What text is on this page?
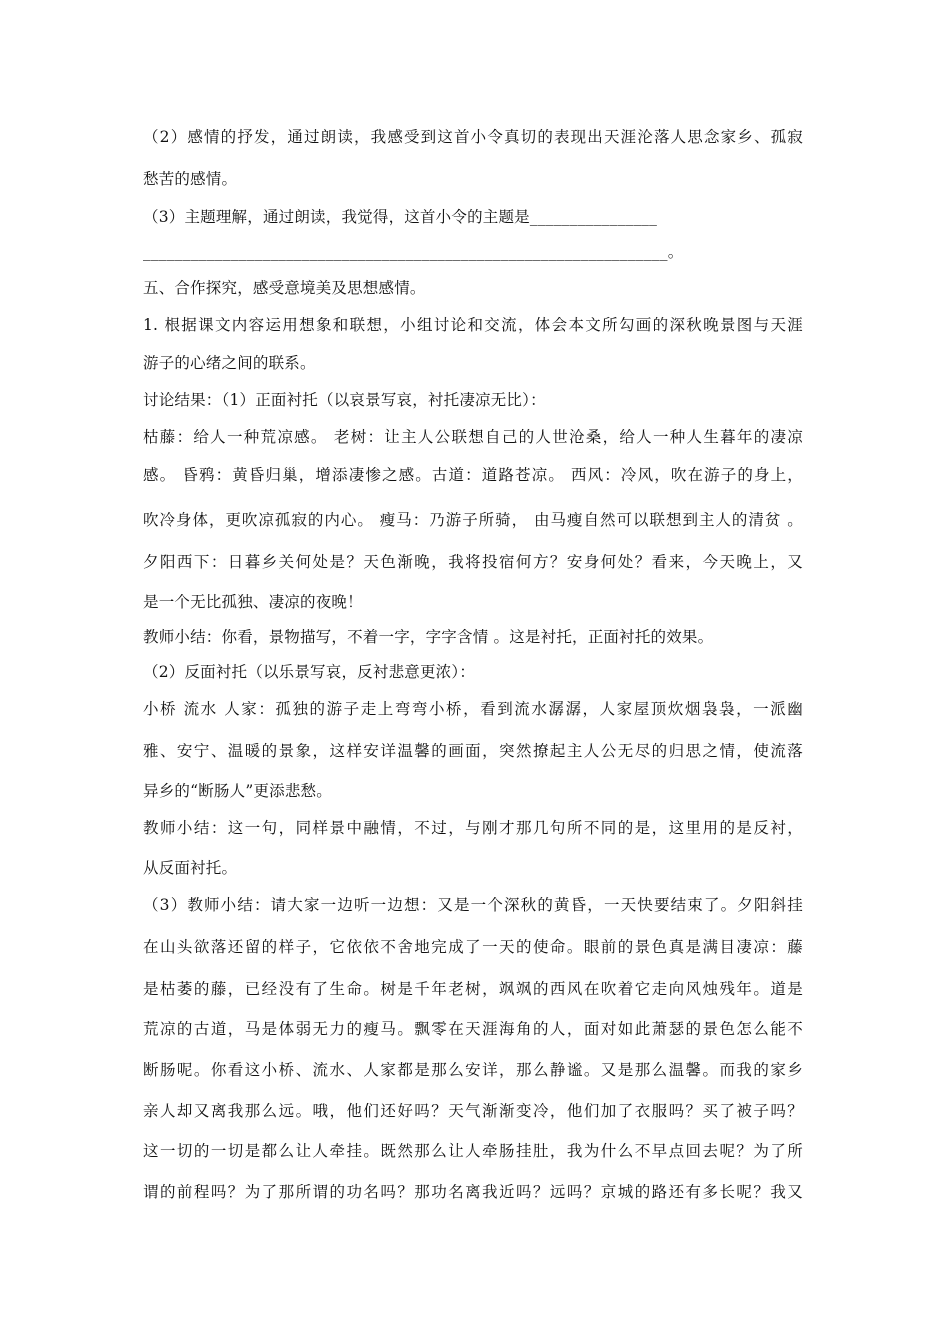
（2）感情的抒发，通过朗读，我感受到这首小令真切的表现出天涯沦落人思念家乡、孤寂
愁苦的感情。
（3）主题理解，通过朗读，我觉得，这首小令的主题是________________
__________________________________________________________________。
五、合作探究，感受意境美及思想感情。
1. 根据课文内容运用想象和联想，小组讨论和交流，体会本文所勾画的深秋晚景图与天涯
游子的心绪之间的联系。
讨论结果：（1）正面衬托（以哀景写哀，衬托凄凉无比）：
枯藤：给人一种荒凉感。 老树：让主人公联想自己的人世沧桑，给人一种人生暮年的凄凉
感。 昏鸦：黄昏归巢，增添凄惨之感。古道：道路苍凉。 西风：冷风，吹在游子的身上，
吹冷身体，更吹凉孤寂的内心。 瘦马：乃游子所骑， 由马瘦自然可以联想到主人的清贫 。
夕阳西下：日暮乡关何处是？天色渐晚，我将投宿何方？安身何处？看来，今天晚上，又
是一个无比孤独、凄凉的夜晚！
教师小结：你看，景物描写，不着一字，字字含情 。这是衬托，正面衬托的效果。
（2）反面衬托（以乐景写哀，反衬悲意更浓）：
小桥 流水 人家：孤独的游子走上弯弯小桥，看到流水潺潺，人家屋顶炊烟袅袅，一派幽
雅、安宁、温暖的景象，这样安详温馨的画面，突然撩起主人公无尽的归思之情，使流落
异乡的“断肠人”更添悲愁。
教师小结：这一句，同样景中融情，不过，与刚才那几句所不同的是，这里用的是反衬，
从反面衬托。
（3）教师小结：请大家一边听一边想：又是一个深秋的黄昏，一天快要结束了。夕阳斜挂
在山头欲落还留的样子，它依依不舍地完成了一天的使命。眼前的景色真是满目凄凉：藤
是枯萎的藤，已经没有了生命。树是千年老树，飒飒的西风在吹着它走向风烛残年。道是
荒凉的古道，马是体弱无力的瘦马。飘零在天涯海角的人，面对如此萧瑟的景色怎么能不
断肠呢。你看这小桥、流水、人家都是那么安详，那么静谧。又是那么温馨。而我的家乡
亲人却又离我那么远。哦，他们还好吗？天气渐渐变冷，他们加了衣服吗？买了被子吗？
这一切的一切是都么让人牵挂。既然那么让人牵肠挂肚，我为什么不早点回去呢？为了所
谓的前程吗？为了那所谓的功名吗？那功名离我近吗？远吗？京城的路还有多长呢？我又
